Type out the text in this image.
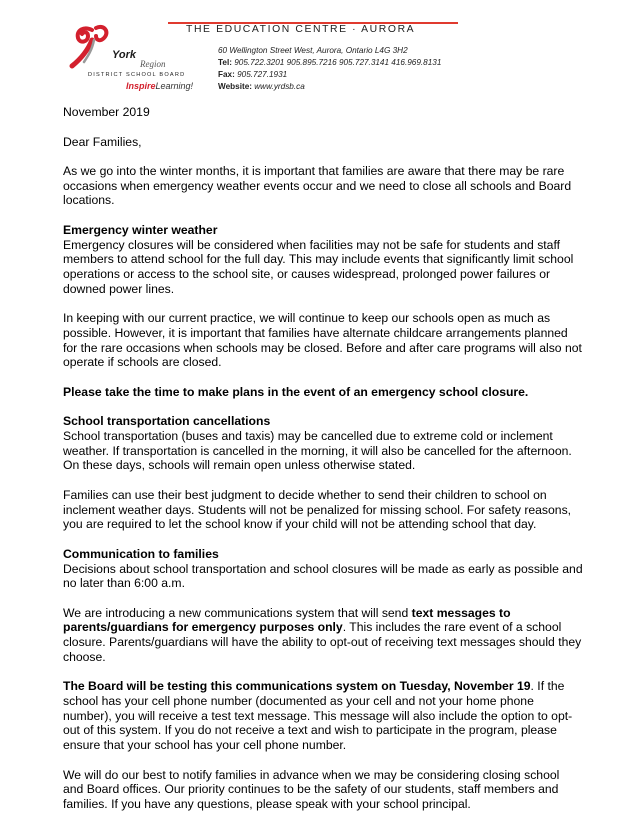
York
Region
DISTRICT SCHOOL BOARD
InspireLearning!
THE EDUCATION CENTRE · AURORA
60 Wellington Street West, Aurora, Ontario L4G 3H2
Tel: 905.722.3201 905.895.7216 905.727.3141 416.969.8131
Fax: 905.727.1931
Website: www.yrdsb.ca

November 2019

Dear Families,

As we go into the winter months, it is important that families are aware that there may be rare occasions when emergency weather events occur and we need to close all schools and Board locations.

Emergency winter weather
Emergency closures will be considered when facilities may not be safe for students and staff members to attend school for the full day. This may include events that significantly limit school operations or access to the school site, or causes widespread, prolonged power failures or downed power lines.

In keeping with our current practice, we will continue to keep our schools open as much as possible. However, it is important that families have alternate childcare arrangements planned for the rare occasions when schools may be closed. Before and after care programs will also not operate if schools are closed.

Please take the time to make plans in the event of an emergency school closure.

School transportation cancellations
School transportation (buses and taxis) may be cancelled due to extreme cold or inclement weather. If transportation is cancelled in the morning, it will also be cancelled for the afternoon. On these days, schools will remain open unless otherwise stated.

Families can use their best judgment to decide whether to send their children to school on inclement weather days. Students will not be penalized for missing school. For safety reasons, you are required to let the school know if your child will not be attending school that day.

Communication to families
Decisions about school transportation and school closures will be made as early as possible and no later than 6:00 a.m.

We are introducing a new communications system that will send text messages to parents/guardians for emergency purposes only. This includes the rare event of a school closure. Parents/guardians will have the ability to opt-out of receiving text messages should they choose.

The Board will be testing this communications system on Tuesday, November 19. If the school has your cell phone number (documented as your cell and not your home phone number), you will receive a test text message. This message will also include the option to opt-out of this system. If you do not receive a text and wish to participate in the program, please ensure that your school has your cell phone number.

We will do our best to notify families in advance when we may be considering closing school and Board offices. Our priority continues to be the safety of our students, staff members and families. If you have any questions, please speak with your school principal.
